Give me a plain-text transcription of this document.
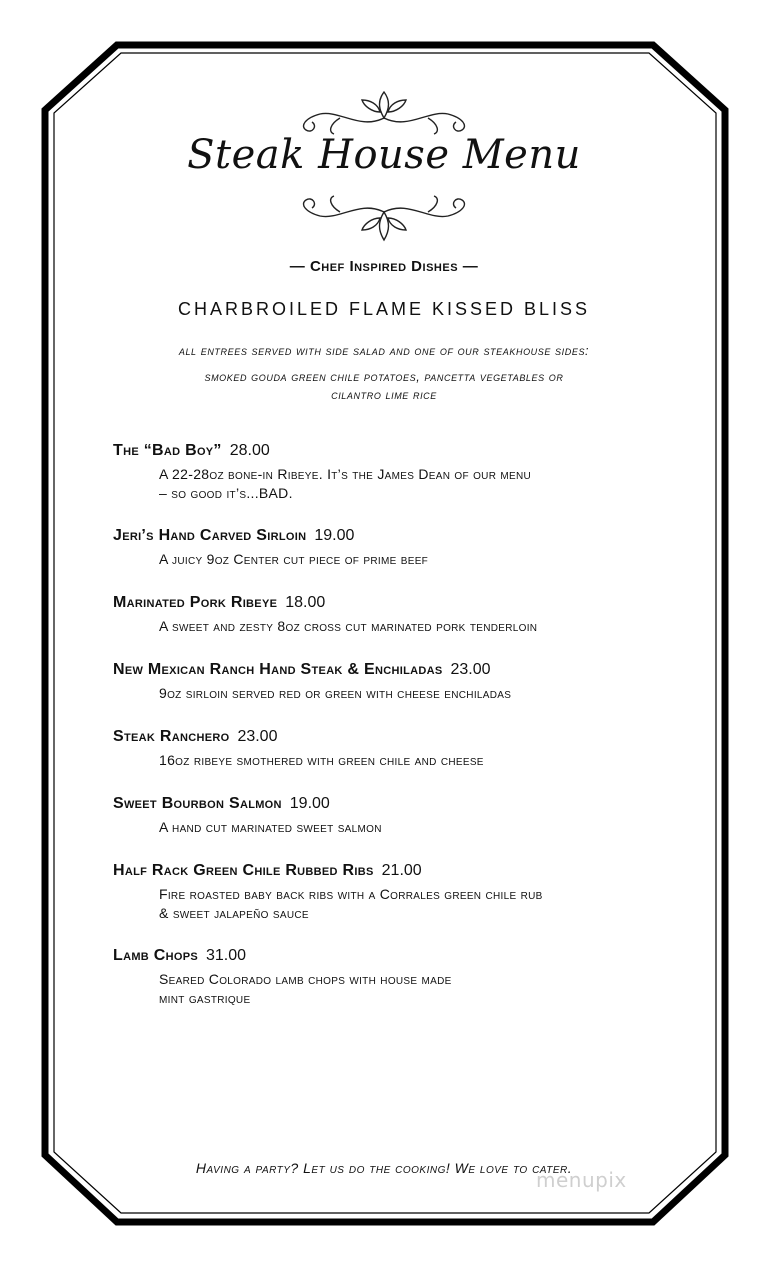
Steak House Menu
— Chef Inspired Dishes —
CHARBROILED FLAME KISSED BLISS
all entrees served with side salad and one of our steakhouse sides:
smoked gouda green chile potatoes, pancetta vegetables or
cilantro lime rice
The “Bad Boy” 28.00
A 22-28oz bone-in Ribeye. It’s the James Dean of our menu
– so good it’s...BAD.
Jeri’s Hand Carved Sirloin 19.00
A juicy 9oz Center cut piece of prime beef
Marinated Pork Ribeye 18.00
A sweet and zesty 8oz cross cut marinated pork tenderloin
New Mexican Ranch Hand Steak & Enchiladas 23.00
9oz sirloin served red or green with cheese enchiladas
Steak Ranchero 23.00
16oz ribeye smothered with green chile and cheese
Sweet Bourbon Salmon 19.00
A hand cut marinated sweet salmon
Half Rack Green Chile Rubbed Ribs 21.00
Fire roasted baby back ribs with a Corrales green chile rub
& sweet jalapeño sauce
Lamb Chops 31.00
Seared Colorado lamb chops with house made
mint gastrique
Having a party? Let us do the cooking! We love to cater.
menupix
